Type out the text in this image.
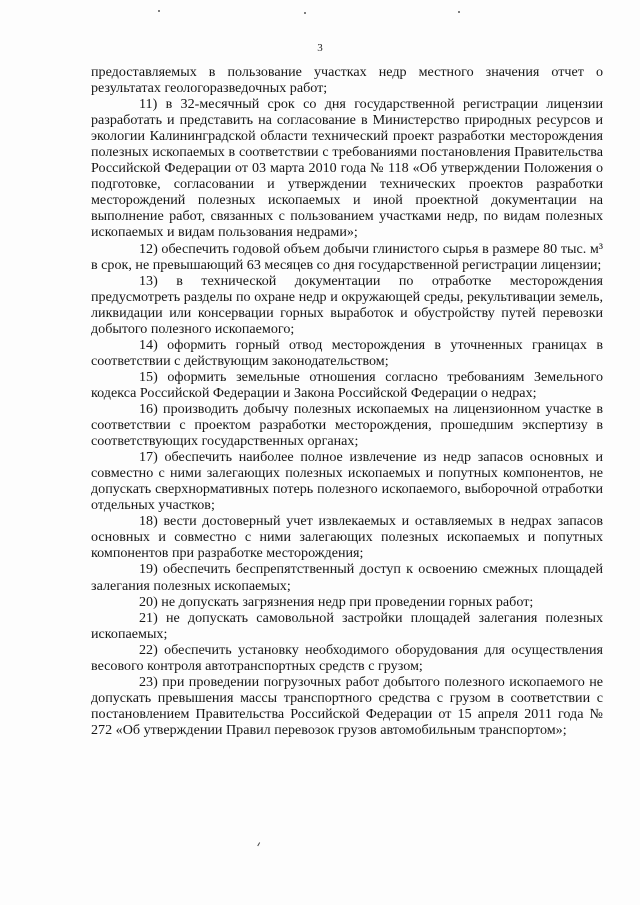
3

предоставляемых в пользование участках недр местного значения отчет о результатах геологоразведочных работ;

11) в 32-месячный срок со дня государственной регистрации лицензии разработать и представить на согласование в Министерство природных ресурсов и экологии Калининградской области технический проект разработки месторождения полезных ископаемых в соответствии с требованиями постановления Правительства Российской Федерации от 03 марта 2010 года № 118 «Об утверждении Положения о подготовке, согласовании и утверждении технических проектов разработки месторождений полезных ископаемых и иной проектной документации на выполнение работ, связанных с пользованием участками недр, по видам полезных ископаемых и видам пользования недрами»;

12) обеспечить годовой объем добычи глинистого сырья в размере 80 тыс. м³ в срок, не превышающий 63 месяцев со дня государственной регистрации лицензии;

13) в технической документации по отработке месторождения предусмотреть разделы по охране недр и окружающей среды, рекультивации земель, ликвидации или консервации горных выработок и обустройству путей перевозки добытого полезного ископаемого;

14) оформить горный отвод месторождения в уточненных границах в соответствии с действующим законодательством;

15) оформить земельные отношения согласно требованиям Земельного кодекса Российской Федерации и Закона Российской Федерации о недрах;

16) производить добычу полезных ископаемых на лицензионном участке в соответствии с проектом разработки месторождения, прошедшим экспертизу в соответствующих государственных органах;

17) обеспечить наиболее полное извлечение из недр запасов основных и совместно с ними залегающих полезных ископаемых и попутных компонентов, не допускать сверхнормативных потерь полезного ископаемого, выборочной отработки отдельных участков;

18) вести достоверный учет извлекаемых и оставляемых в недрах запасов основных и совместно с ними залегающих полезных ископаемых и попутных компонентов при разработке месторождения;

19) обеспечить беспрепятственный доступ к освоению смежных площадей залегания полезных ископаемых;

20) не допускать загрязнения недр при проведении горных работ;

21) не допускать самовольной застройки площадей залегания полезных ископаемых;

22) обеспечить установку необходимого оборудования для осуществления весового контроля автотранспортных средств с грузом;

23) при проведении погрузочных работ добытого полезного ископаемого не допускать превышения массы транспортного средства с грузом в соответствии с постановлением Правительства Российской Федерации от 15 апреля 2011 года № 272 «Об утверждении Правил перевозок грузов автомобильным транспортом»;
